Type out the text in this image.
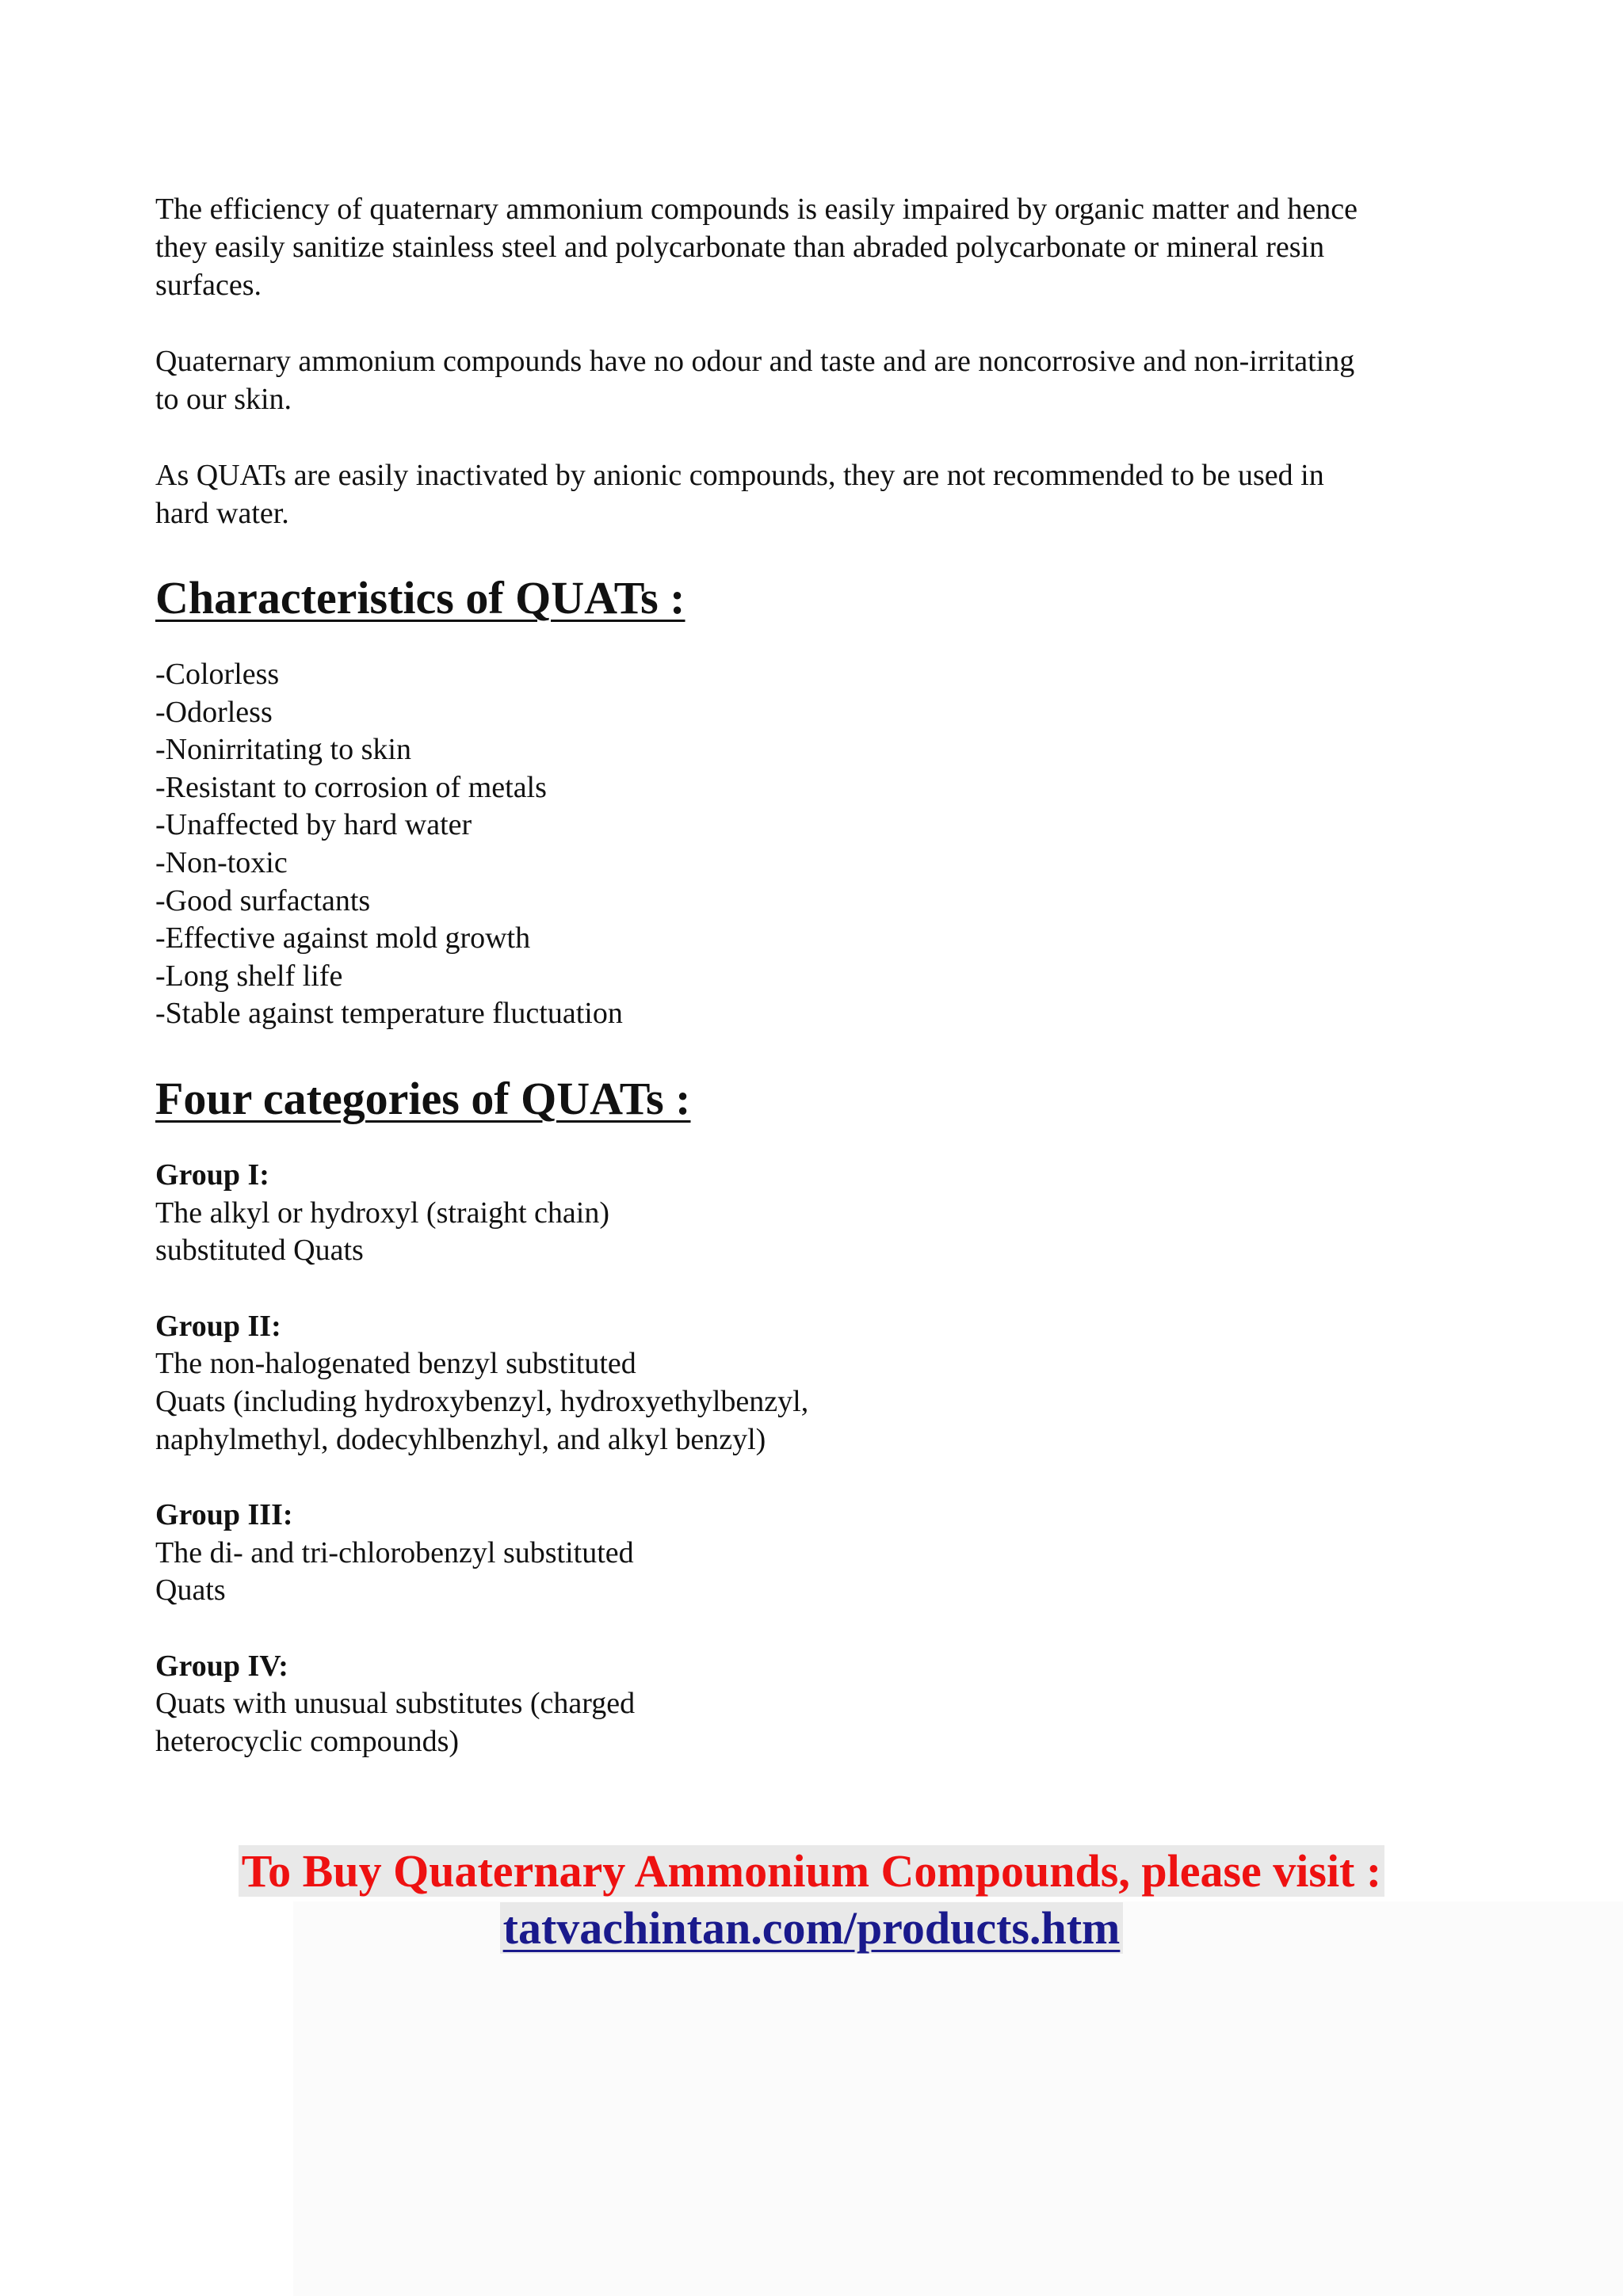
The efficiency of quaternary ammonium compounds is easily impaired by organic matter and hence
they easily sanitize stainless steel and polycarbonate than abraded polycarbonate or mineral resin
surfaces.

Quaternary ammonium compounds have no odour and taste and are noncorrosive and non-irritating
to our skin.

As QUATs are easily inactivated by anionic compounds, they are not recommended to be used in
hard water.

Characteristics of QUATs :
-Colorless
-Odorless
-Nonirritating to skin
-Resistant to corrosion of metals
-Unaffected by hard water
-Non-toxic
-Good surfactants
-Effective against mold growth
-Long shelf life
-Stable against temperature fluctuation
Four categories of QUATs :
Group I:
The alkyl or hydroxyl (straight chain)
substituted Quats
Group II:
The non-halogenated benzyl substituted
Quats (including hydroxybenzyl, hydroxyethylbenzyl,
naphylmethyl, dodecyhlbenzhyl, and alkyl benzyl)
Group III:
The di- and tri-chlorobenzyl substituted
Quats
Group IV:
Quats with unusual substitutes (charged
heterocyclic compounds)
To Buy Quaternary Ammonium Compounds, please visit :
tatvachintan.com/products.htm
